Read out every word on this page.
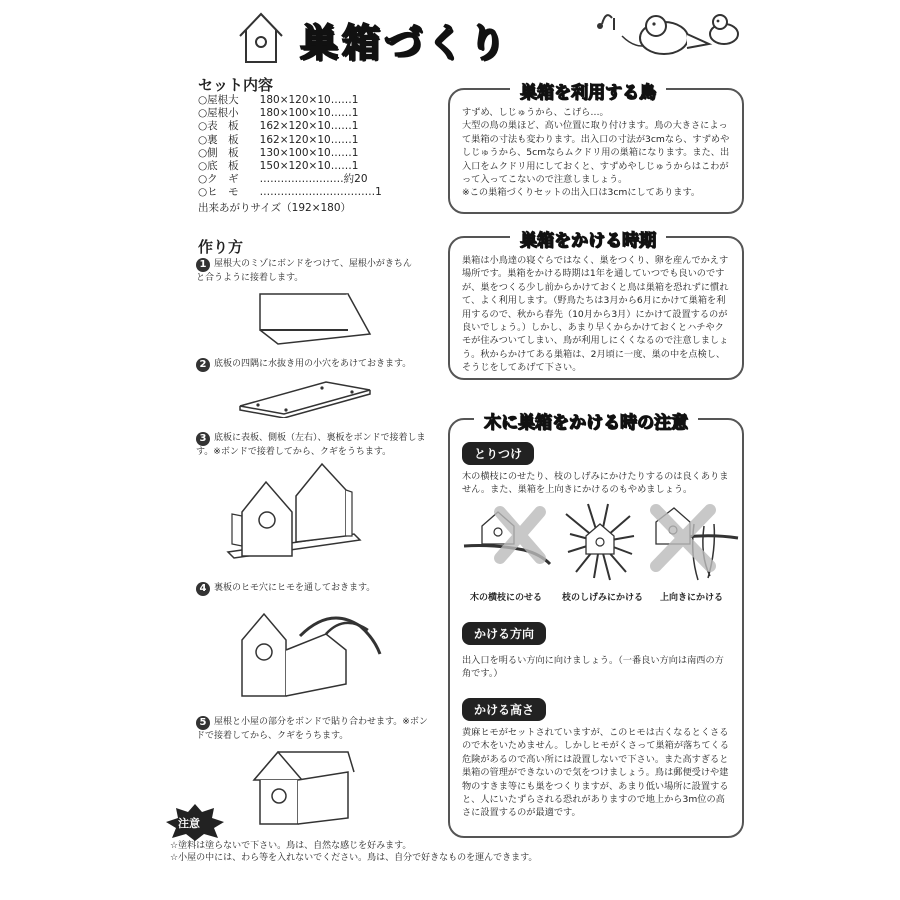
巣箱づくり
セット内容
○屋根大　　180×120×10……1
○屋根小　　180×100×10……1
○表　板　　162×120×10……1
○裏　板　　162×120×10……1
○側　板　　130×100×10……1
○底　板　　150×120×10……1
○ク　ギ　　……………………約20
○ヒ　モ　　……………………………1
出来あがりサイズ（192×180）
作り方
1 屋根大のミゾにボンドをつけて、屋根小がきちんと合うように接着します。
2 底板の四隅に水抜き用の小穴をあけておきます。
3 底板に表板、側板（左右）、裏板をボンドで接着します。※ボンドで接着してから、クギをうちます。
4 裏板のヒモ穴にヒモを通しておきます。
5 屋根と小屋の部分をボンドで貼り合わせます。※ボンドで接着してから、クギをうちます。
注意
☆塗料は塗らないで下さい。鳥は、自然な感じを好みます。
☆小屋の中には、わら等を入れないでください。鳥は、自分で好きなものを運んできます。
巣箱を利用する鳥
すずめ、しじゅうから、こげら…。
大型の鳥の巣ほど、高い位置に取り付けます。鳥の大きさによって巣箱の寸法も変わります。出入口の寸法が3cmなら、すずめやしじゅうから、5cmならムクドリ用の巣箱になります。また、出入口をムクドリ用にしておくと、すずめやしじゅうからはこわがって入ってこないので注意しましょう。
※この巣箱づくりセットの出入口は3cmにしてあります。
巣箱をかける時期
巣箱は小鳥達の寝ぐらではなく、巣をつくり、卵を産んでかえす場所です。巣箱をかける時期は1年を通していつでも良いのですが、巣をつくる少し前からかけておくと鳥は巣箱を恐れずに慣れて、よく利用します。（野鳥たちは3月から6月にかけて巣箱を利用するので、秋から春先（10月から3月）にかけて設置するのが良いでしょう。）しかし、あまり早くからかけておくとハチやクモが住みついてしまい、鳥が利用しにくくなるので注意しましょう。秋からかけてある巣箱は、2月頃に一度、巣の中を点検し、そうじをしてあげて下さい。
木に巣箱をかける時の注意
とりつけ
木の横枝にのせたり、枝のしげみにかけたりするのは良くありません。また、巣箱を上向きにかけるのもやめましょう。
木の横枝にのせる 枝のしげみにかける 上向きにかける
かける方向
出入口を明るい方向に向けましょう。（一番良い方向は南西の方角です。）
かける高さ
黄麻ヒモがセットされていますが、このヒモは古くなるとくさるので木をいためません。しかしヒモがくさって巣箱が落ちてくる危険があるので高い所には設置しないで下さい。また高すぎると巣箱の管理ができないので気をつけましょう。鳥は郵便受けや建物のすきま等にも巣をつくりますが、あまり低い場所に設置すると、人にいたずらされる恐れがありますので地上から3m位の高さに設置するのが最適です。
